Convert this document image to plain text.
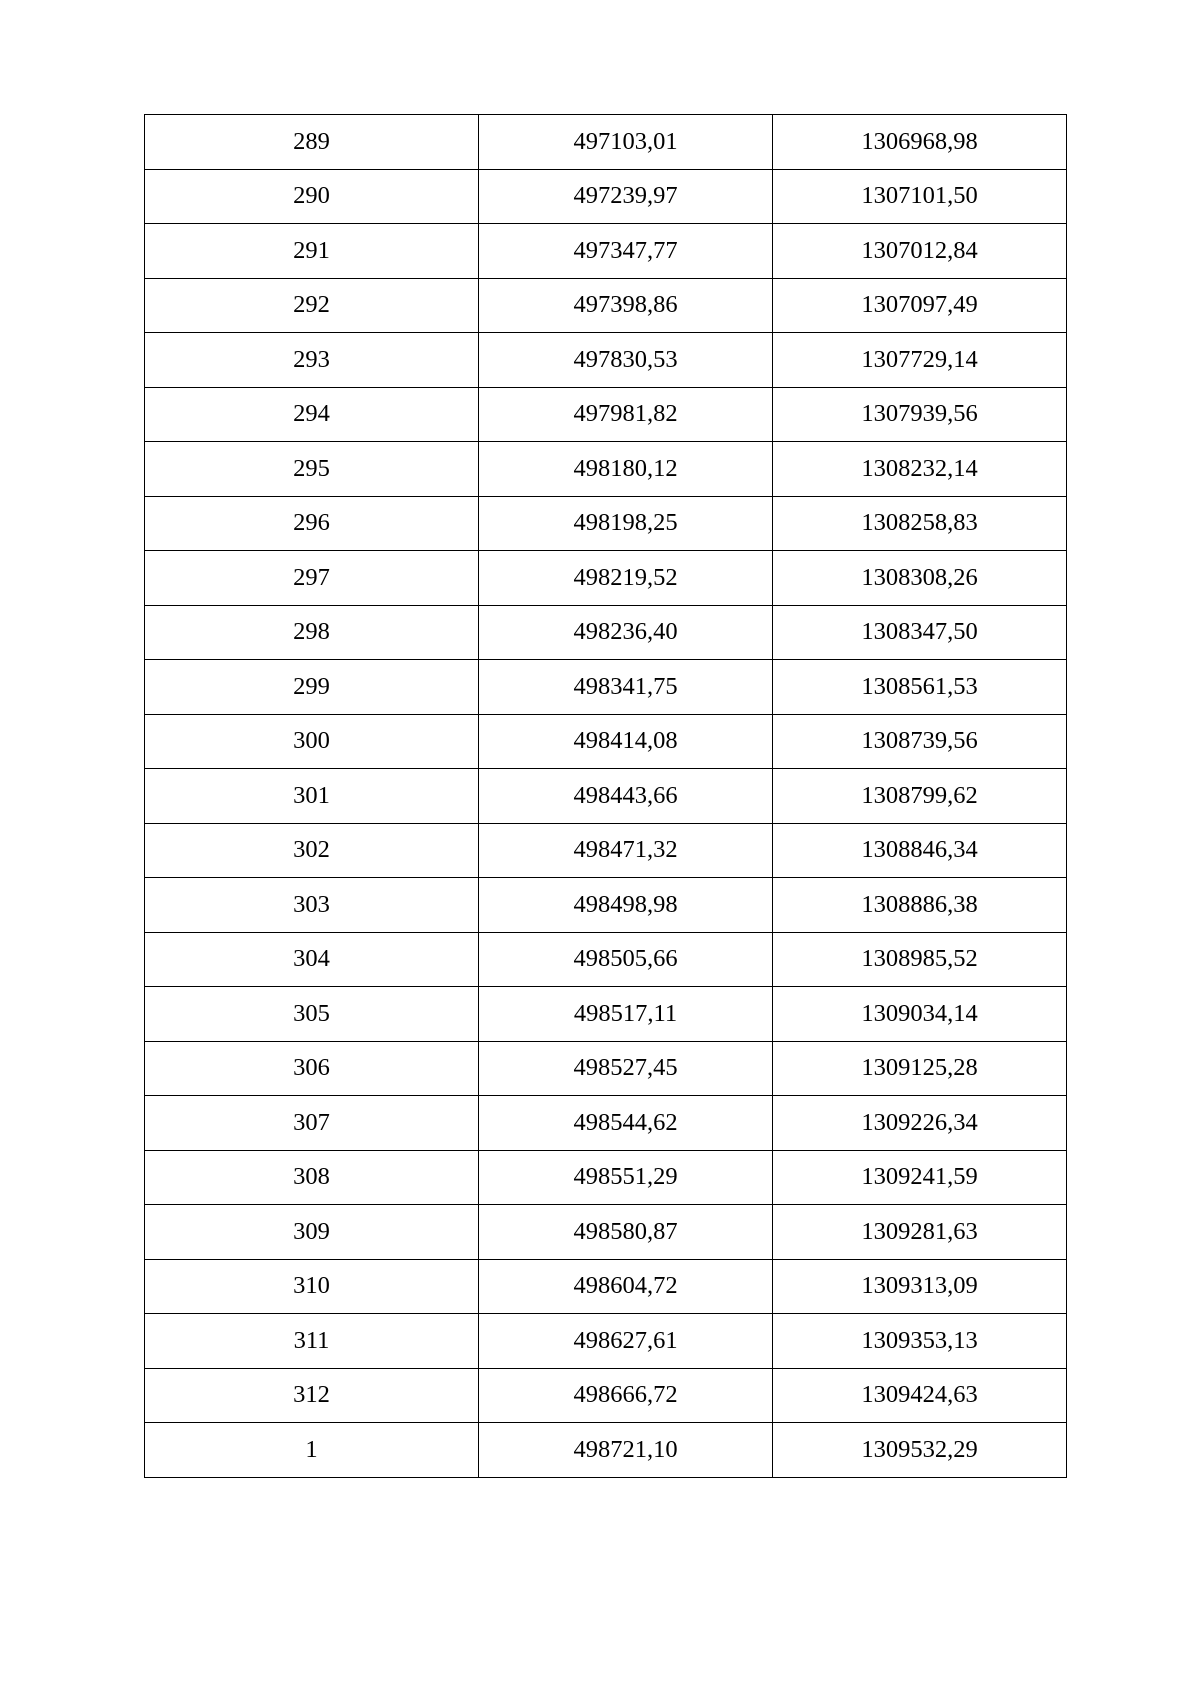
289	497103,01	1306968,98
290	497239,97	1307101,50
291	497347,77	1307012,84
292	497398,86	1307097,49
293	497830,53	1307729,14
294	497981,82	1307939,56
295	498180,12	1308232,14
296	498198,25	1308258,83
297	498219,52	1308308,26
298	498236,40	1308347,50
299	498341,75	1308561,53
300	498414,08	1308739,56
301	498443,66	1308799,62
302	498471,32	1308846,34
303	498498,98	1308886,38
304	498505,66	1308985,52
305	498517,11	1309034,14
306	498527,45	1309125,28
307	498544,62	1309226,34
308	498551,29	1309241,59
309	498580,87	1309281,63
310	498604,72	1309313,09
311	498627,61	1309353,13
312	498666,72	1309424,63
1	498721,10	1309532,29
